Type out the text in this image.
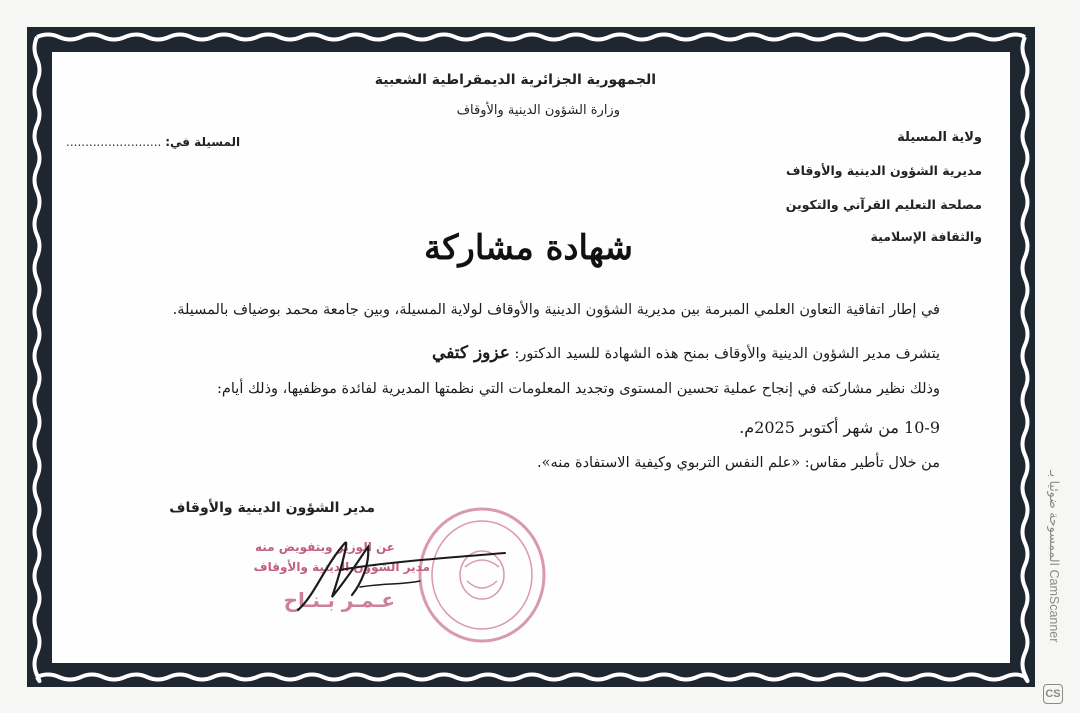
الجمهورية الجزائرية الديمقراطية الشعبية
وزارة الشؤون الدينية والأوقاف
ولاية المسيلة
مديرية الشؤون الدينية والأوقاف
مصلحة التعليم القرآني والتكوين
والثقافة الإسلامية
المسيلة في: .........................
شهادة مشاركة
في إطار اتفاقية التعاون العلمي المبرمة بين مديرية الشؤون الدينية والأوقاف لولاية المسيلة، وبين جامعة محمد بوضياف بالمسيلة.
يتشرف مدير الشؤون الدينية والأوقاف بمنح هذه الشهادة للسيد الدكتور: عزوز كتفي
وذلك نظير مشاركته في إنجاح عملية تحسين المستوى وتجديد المعلومات التي نظمتها المديرية لفائدة موظفيها، وذلك أيام:
10-9 من شهر أكتوبر 2025م.
من خلال تأطير مقاس: «علم النفس التربوي وكيفية الاستفادة منه».
مدير الشؤون الدينية والأوقاف
عن الوزير وبتفويض منه
مدير الشؤون الدينية والأوقاف
عـمـر بـنـاح
الممسوحة ضوئيا بـ CamScanner
CS
